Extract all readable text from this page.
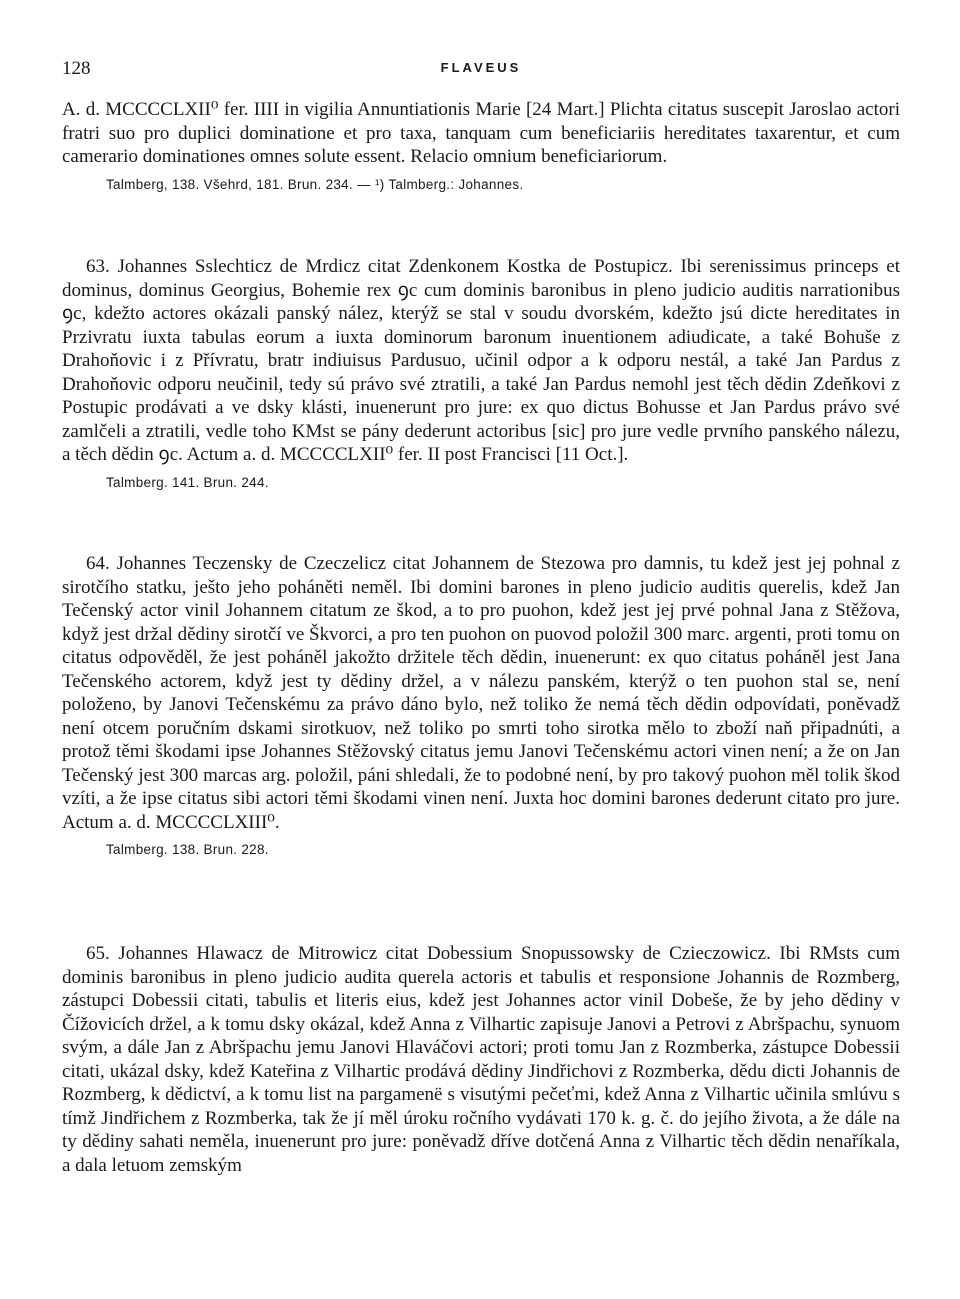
128	FLAVEUS

A. d. MCCCCLXII⁰ fer. IIII in vigilia Annuntiationis Marie [24 Mart.] Plichta citatus suscepit Jaroslao actori fratri suo pro duplici dominatione et pro taxa, tanquam cum beneficiariis hereditates taxarentur, et cum camerario dominationes omnes solute essent. Relacio omnium beneficiariorum.

Talmberg, 138. Všehrd, 181. Brun. 234. — ¹) Talmberg.: Johannes.

63. Johannes Sslechticz de Mrdicz citat Zdenkonem Kostka de Postupicz. Ibi serenissimus princeps et dominus, dominus Georgius, Bohemie rex ꝯc cum dominis baronibus in pleno judicio auditis narrationibus ꝯc, kdežto actores okázali panský nález, kterýž se stal v soudu dvorském, kdežto jsú dicte hereditates in Przivratu iuxta tabulas eorum a iuxta dominorum baronum inuentionem adiudicate, a také Bohuše z Drahoňovic i z Přívratu, bratr indiuisus Pardusuo, učinil odpor a k odporu nestál, a také Jan Pardus z Drahoňovic odporu neučinil, tedy sú právo své ztratili, a také Jan Pardus nemohl jest těch dědin Zdeňkovi z Postupic prodávati a ve dsky klásti, inuenerunt pro jure: ex quo dictus Bohusse et Jan Pardus právo své zamlčeli a ztratili, vedle toho KMst se pány dederunt actoribus [sic] pro jure vedle prvního panského nálezu, a těch dědin ꝯc. Actum a. d. MCCCCLXII⁰ fer. II post Francisci [11 Oct.].

Talmberg. 141. Brun. 244.

64. Johannes Teczensky de Czeczelicz citat Johannem de Stezowa pro damnis, tu kdež jest jej pohnal z sirotčího statku, ješto jeho poháněti neměl. Ibi domini barones in pleno judicio auditis querelis, kdež Jan Tečenský actor vinil Johannem citatum ze škod, a to pro puohon, kdež jest jej prvé pohnal Jana z Stěžova, když jest držal dědiny sirotčí ve Škvorci, a pro ten puohon on puovod položil 300 marc. argenti, proti tomu on citatus odpověděl, že jest poháněl jakožto držitele těch dědin, inuenerunt: ex quo citatus poháněl jest Jana Tečenského actorem, když jest ty dědiny držel, a v nálezu panském, kterýž o ten puohon stal se, není položeno, by Janovi Tečenskému za právo dáno bylo, než toliko že nemá těch dědin odpovídati, poněvadž není otcem poručním dskami sirotkuov, než toliko po smrti toho sirotka mělo to zboží naň připadnúti, a protož těmi škodami ipse Johannes Stěžovský citatus jemu Janovi Tečenskému actori vinen není; a že on Jan Tečenský jest 300 marcas arg. položil, páni shledali, že to podobné není, by pro takový puohon měl tolik škod vzíti, a že ipse citatus sibi actori těmi škodami vinen není. Juxta hoc domini barones dederunt citato pro jure. Actum a. d. MCCCCLXIII⁰.

Talmberg. 138. Brun. 228.

65. Johannes Hlawacz de Mitrowicz citat Dobessium Snopussowsky de Czieczowicz. Ibi RMsts cum dominis baronibus in pleno judicio audita querela actoris et tabulis et responsione Johannis de Rozmberg, zástupci Dobessii citati, tabulis et literis eius, kdež jest Johannes actor vinil Dobeše, že by jeho dědiny v Čížovicích držel, a k tomu dsky okázal, kdež Anna z Vilhartic zapisuje Janovi a Petrovi z Abršpachu, synuom svým, a dále Jan z Abršpachu jemu Janovi Hlaváčovi actori; proti tomu Jan z Rozmberka, zástupce Dobessii citati, ukázal dsky, kdež Kateřina z Vilhartic prodává dědiny Jindřichovi z Rozmberka, dědu dicti Johannis de Rozmberg, k dědictví, a k tomu list na pargamenë s visutými pečeťmi, kdež Anna z Vilhartic učinila smlúvu s tímž Jindřichem z Rozmberka, tak že jí měl úroku ročního vydávati 170 k. g. č. do jejího života, a že dále na ty dědiny sahati neměla, inuenerunt pro jure: poněvadž dříve dotčená Anna z Vilhartic těch dědin nenaříkala, a dala letuom zemským
